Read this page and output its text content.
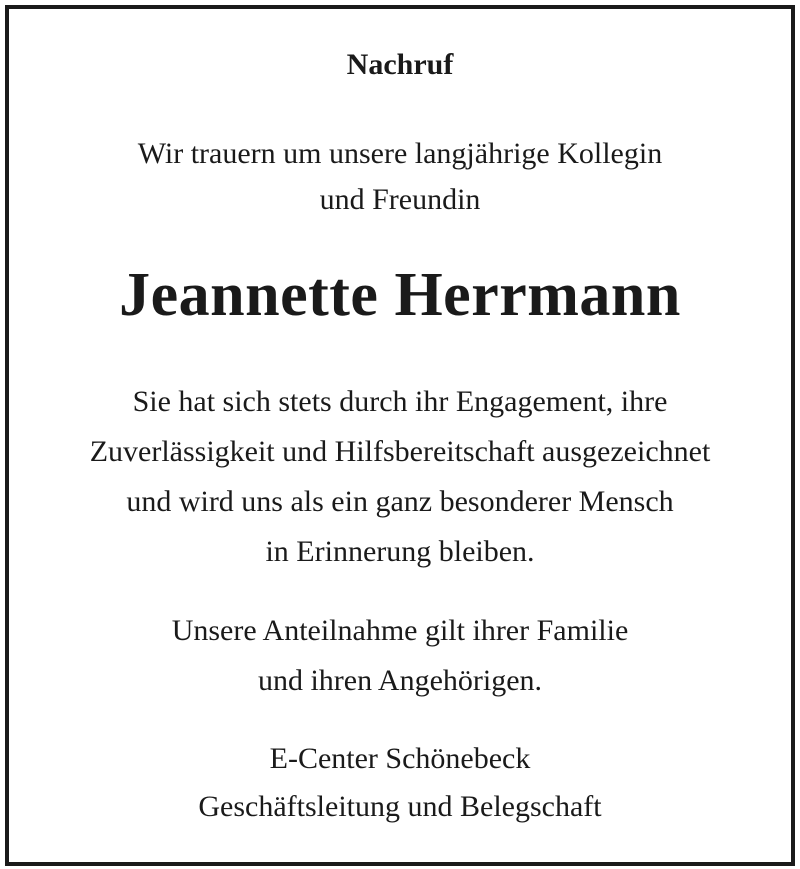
Nachruf
Wir trauern um unsere langjährige Kollegin
und Freundin
Jeannette Herrmann
Sie hat sich stets durch ihr Engagement, ihre
Zuverlässigkeit und Hilfsbereitschaft ausgezeichnet
und wird uns als ein ganz besonderer Mensch
in Erinnerung bleiben.
Unsere Anteilnahme gilt ihrer Familie
und ihren Angehörigen.
E-Center Schönebeck
Geschäftsleitung und Belegschaft
